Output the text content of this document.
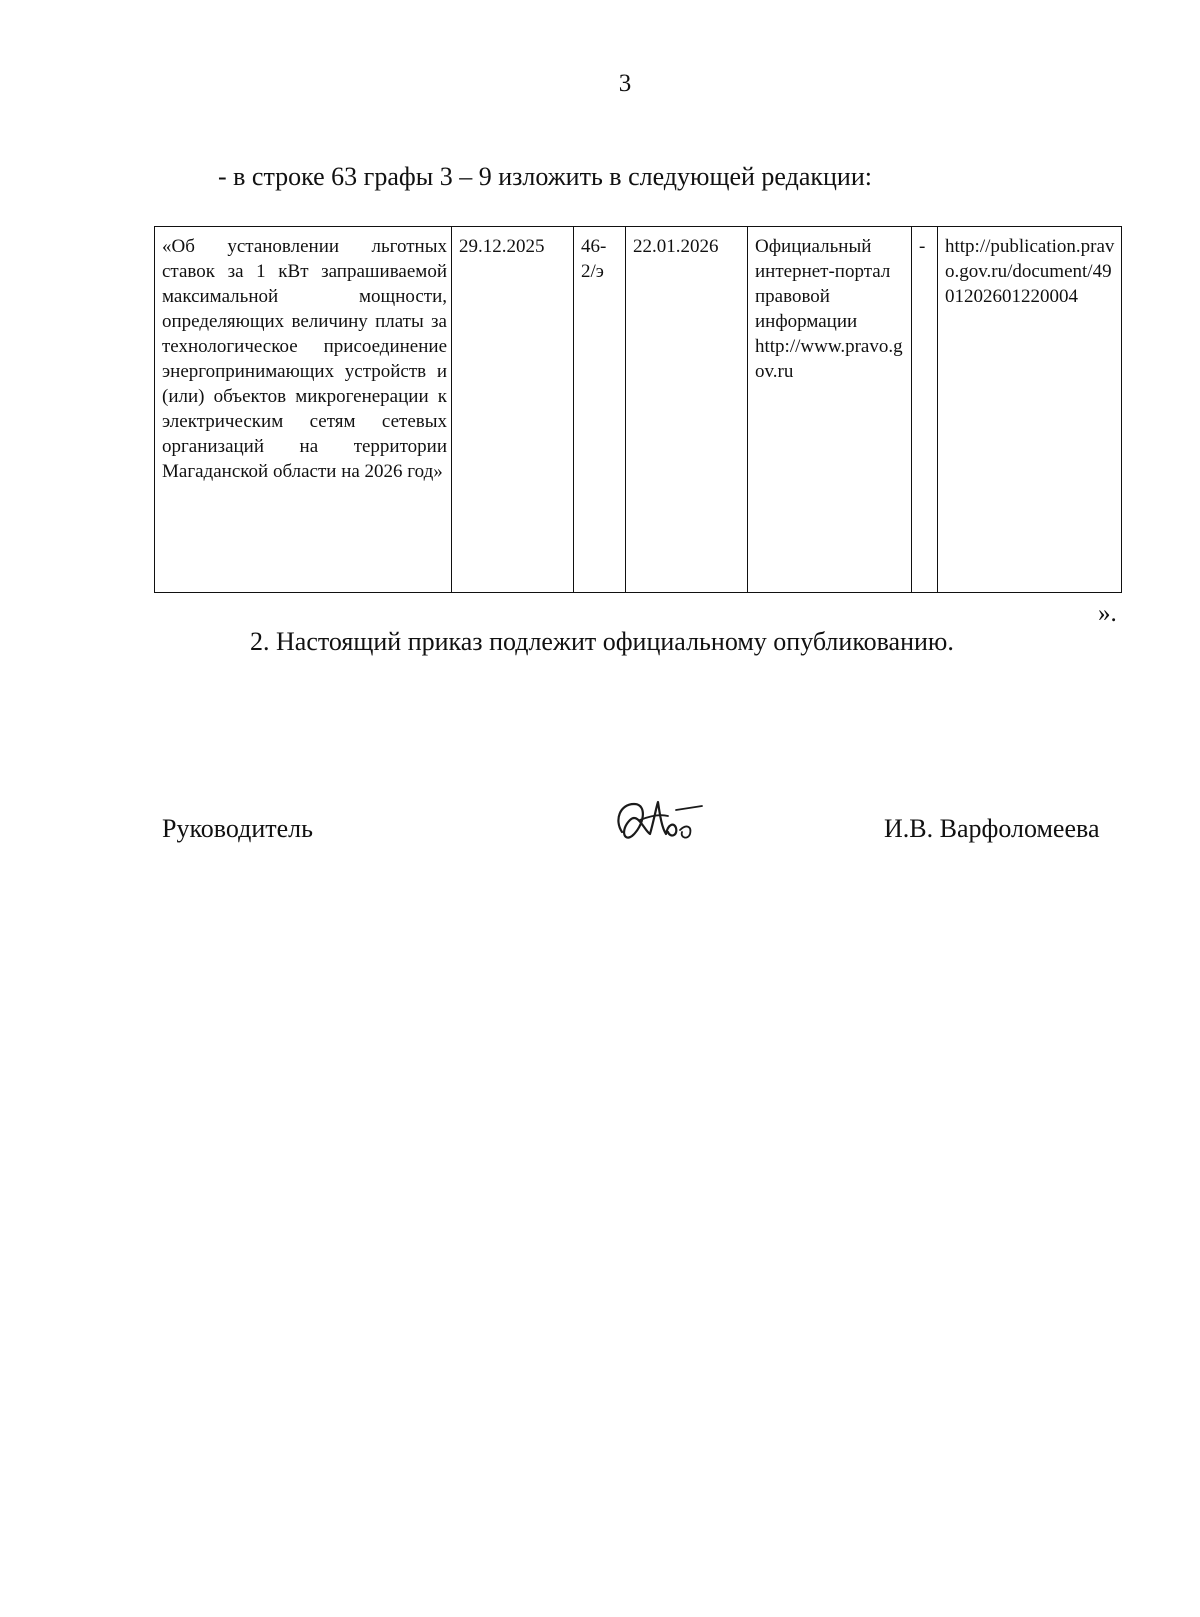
3
- в строке 63 графы 3 – 9 изложить в следующей редакции:
«Об установлении льготных ставок за 1 кВт запрашиваемой максимальной мощности, определяющих величину платы за технологическое присоединение энергопринимающих устройств и (или) объектов микрогенерации к электрическим сетям сетевых организаций на территории Магаданской области на 2026 год»	29.12.2025	46-2/э	22.01.2026	Официальный интернет-портал правовой информации http://www.pravo.gov.ru	-	http://publication.pravo.gov.ru/document/4901202601220004
».
2. Настоящий приказ подлежит официальному опубликованию.
Руководитель	И.В. Варфоломеева
